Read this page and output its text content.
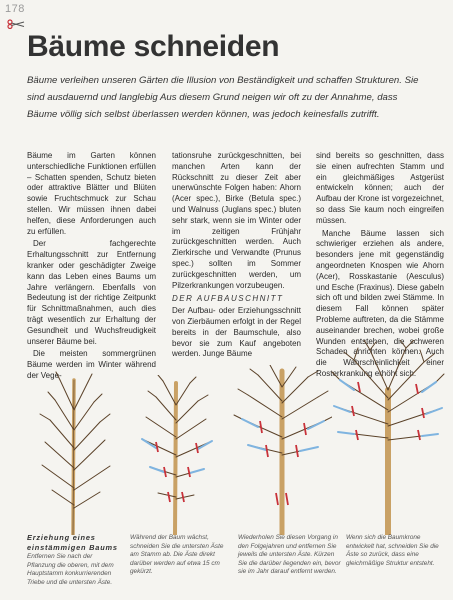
178
Bäume schneiden

Bäume verleihen unseren Gärten die Illusion von Beständigkeit und schaffen Strukturen. Sie sind ausdauernd und langlebig Aus diesem Grund neigen wir oft zu der Annahme, dass Bäume völlig sich selbst überlassen werden können, was jedoch keinesfalls zutrifft.

Bäume im Garten können unterschiedliche Funktionen erfüllen – Schatten spenden, Schutz bieten oder attraktive Blätter und Blüten sowie Fruchtschmuck zur Schau stellen. Wir müssen ihnen dabei helfen, diese Anforderungen auch zu erfüllen.

Der fachgerechte Erhaltungsschnitt zur Entfernung kranker oder geschädigter Zweige kann das Leben eines Baums um Jahre verlängern. Ebenfalls von Bedeutung ist der richtige Zeitpunkt für Schnittmaßnahmen, auch dies trägt wesentlich zur Erhaltung der Gesundheit und Wuchsfreudigkeit unserer Bäume bei.

Die meisten sommergrünen Bäume werden im Winter während der Vege-

tationsruhe zurückgeschnitten, bei manchen Arten kann der Rückschnitt zu dieser Zeit aber unerwünschte Folgen haben: Ahorn (Acer spec.), Birke (Betula spec.) und Walnuss (Juglans spec.) bluten sehr stark, wenn sie im Winter oder im zeitigen Frühjahr zurückgeschnitten werden. Auch Zierkirsche und Verwandte (Prunus spec.) sollten im Sommer zurückgeschnitten werden, um Pilzerkrankungen vorzubeugen.

DER AUFBAUSCHNITT

Der Aufbau- oder Erziehungsschnitt von Zierbäumen erfolgt in der Regel bereits in der Baumschule, also bevor sie zum Kauf angeboten werden. Junge Bäume

sind bereits so geschnitten, dass sie einen aufrechten Stamm und ein gleichmäßiges Astgerüst entwickeln können; auch der Aufbau der Krone ist vorgezeichnet, so dass Sie kaum noch eingreifen müssen.

Manche Bäume lassen sich schwieriger erziehen als andere, besonders jene mit gegenständig angeordneten Knospen wie Ahorn (Acer), Rosskastanie (Aesculus) und Esche (Fraxinus). Diese gabeln sich oft und bilden zwei Stämme. In diesem Fall können später Probleme auftreten, da die Stämme auseinander brechen, wobei große Wunden entstehen, die schweren Schaden anrichten können. Auch die Wahrscheinlichkeit einer Rosterkrankung erhöht sich.

Erziehung eines einstämmigen Baums Entfernen Sie nach der Pflanzung die oberen, mit dem Hauptstamm konkurrierenden Triebe und die untersten Äste.
Während der Baum wächst, schneiden Sie die untersten Äste am Stamm ab. Die Äste direkt darüber werden auf etwa 15 cm gekürzt.
Wiederholen Sie diesen Vorgang in den Folgejahren und entfernen Sie jeweils die untersten Äste. Kürzen Sie die darüber liegenden ein, bevor sie im Jahr darauf entfernt werden.
Wenn sich die Baumkrone entwickelt hat, schneiden Sie die Äste so zurück, dass eine gleichmäßige Struktur entsteht.
